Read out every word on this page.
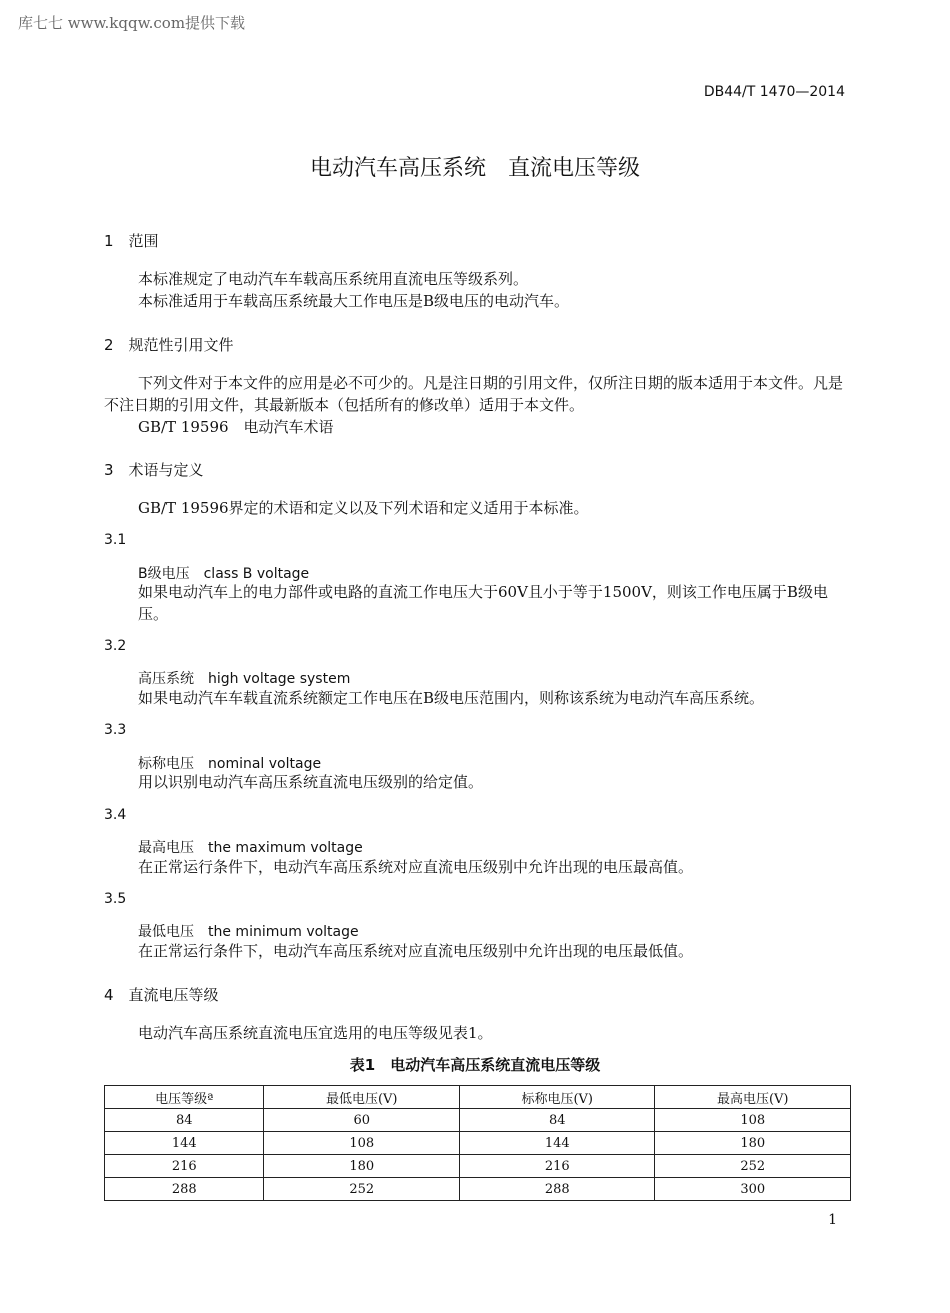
库七七 www.kqqw.com提供下载
DB44/T 1470—2014
电动汽车高压系统　直流电压等级
1　范围
本标准规定了电动汽车车载高压系统用直流电压等级系列。
本标准适用于车载高压系统最大工作电压是B级电压的电动汽车。
2　规范性引用文件
下列文件对于本文件的应用是必不可少的。凡是注日期的引用文件，仅所注日期的版本适用于本文件。凡是不注日期的引用文件，其最新版本（包括所有的修改单）适用于本文件。
GB/T 19596　电动汽车术语
3　术语与定义
GB/T 19596界定的术语和定义以及下列术语和定义适用于本标准。
3.1
B级电压　class B voltage
如果电动汽车上的电力部件或电路的直流工作电压大于60V且小于等于1500V，则该工作电压属于B级电压。
3.2
高压系统　high voltage system
如果电动汽车车载直流系统额定工作电压在B级电压范围内，则称该系统为电动汽车高压系统。
3.3
标称电压　nominal voltage
用以识别电动汽车高压系统直流电压级别的给定值。
3.4
最高电压　the maximum voltage
在正常运行条件下，电动汽车高压系统对应直流电压级别中允许出现的电压最高值。
3.5
最低电压　the minimum voltage
在正常运行条件下，电动汽车高压系统对应直流电压级别中允许出现的电压最低值。
4　直流电压等级
电动汽车高压系统直流电压宜选用的电压等级见表1。
表1　电动汽车高压系统直流电压等级
电压等级ª	最低电压(V)	标称电压(V)	最高电压(V)
84	60	84	108
144	108	144	180
216	180	216	252
288	252	288	300
1
